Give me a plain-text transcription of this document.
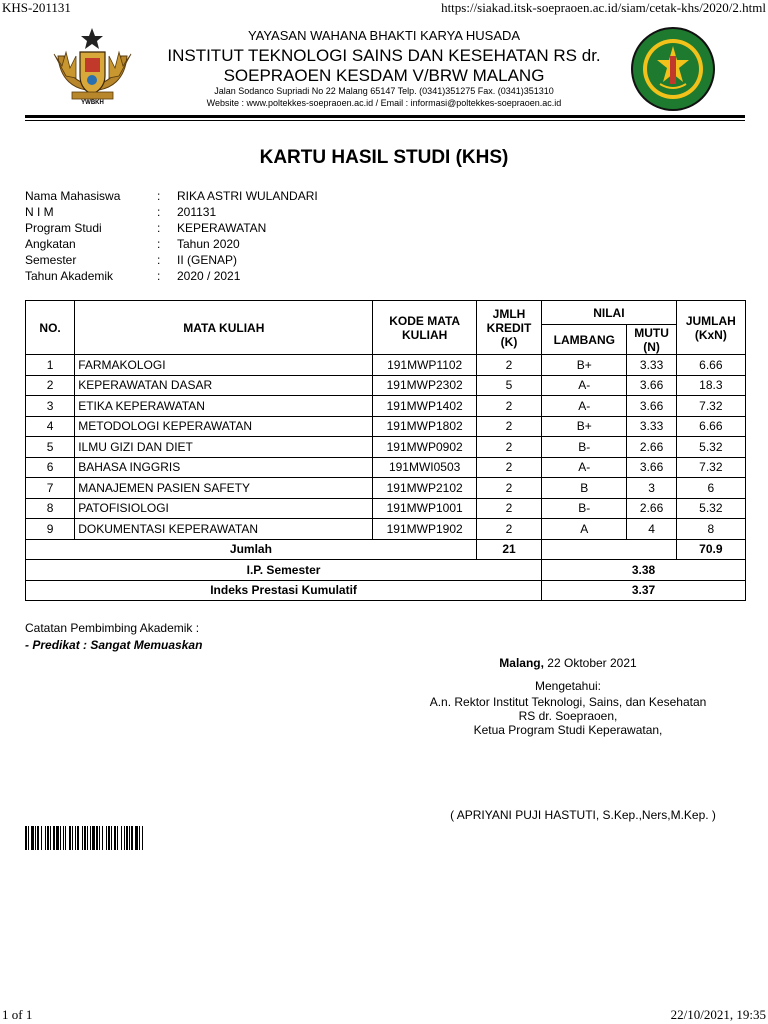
KHS-201131	https://siakad.itsk-soepraoen.ac.id/siam/cetak-khs/2020/2.html
1 of 1	22/10/2021, 19:35
YWBKH
YAYASAN WAHANA BHAKTI KARYA HUSADA
INSTITUT TEKNOLOGI SAINS DAN KESEHATAN RS dr.
SOEPRAOEN KESDAM V/BRW MALANG
Jalan Sodanco Supriadi No 22 Malang 65147 Telp. (0341)351275 Fax. (0341)351310
Website : www.poltekkes-soepraoen.ac.id / Email : informasi@poltekkes-soepraoen.ac.id
KARTU HASIL STUDI (KHS)
Nama Mahasiswa	: RIKA ASTRI WULANDARI
N I M	: 201131
Program Studi	: KEPERAWATAN
Angkatan	: Tahun 2020
Semester	: II (GENAP)
Tahun Akademik	: 2020 / 2021
NO.	MATA KULIAH	KODE MATA KULIAH	JMLH KREDIT (K)	NILAI		JUMLAH (KxN)
				LAMBANG	MUTU (N)	
1	FARMAKOLOGI	191MWP1102	2	B+	3.33	6.66
2	KEPERAWATAN DASAR	191MWP2302	5	A-	3.66	18.3
3	ETIKA KEPERAWATAN	191MWP1402	2	A-	3.66	7.32
4	METODOLOGI KEPERAWATAN	191MWP1802	2	B+	3.33	6.66
5	ILMU GIZI DAN DIET	191MWP0902	2	B-	2.66	5.32
6	BAHASA INGGRIS	191MWI0503	2	A-	3.66	7.32
7	MANAJEMEN PASIEN SAFETY	191MWP2102	2	B	3	6
8	PATOFISIOLOGI	191MWP1001	2	B-	2.66	5.32
9	DOKUMENTASI KEPERAWATAN	191MWP1902	2	A	4	8
Jumlah			21			70.9
I.P. Semester				3.38		
Indeks Prestasi Kumulatif				3.37		
Catatan Pembimbing Akademik :
- Predikat : Sangat Memuaskan
Malang, 22 Oktober 2021
Mengetahui:
A.n. Rektor Institut Teknologi, Sains, dan Kesehatan
RS dr. Soepraoen,
Ketua Program Studi Keperawatan,
( APRIYANI PUJI HASTUTI, S.Kep.,Ners,M.Kep. )
